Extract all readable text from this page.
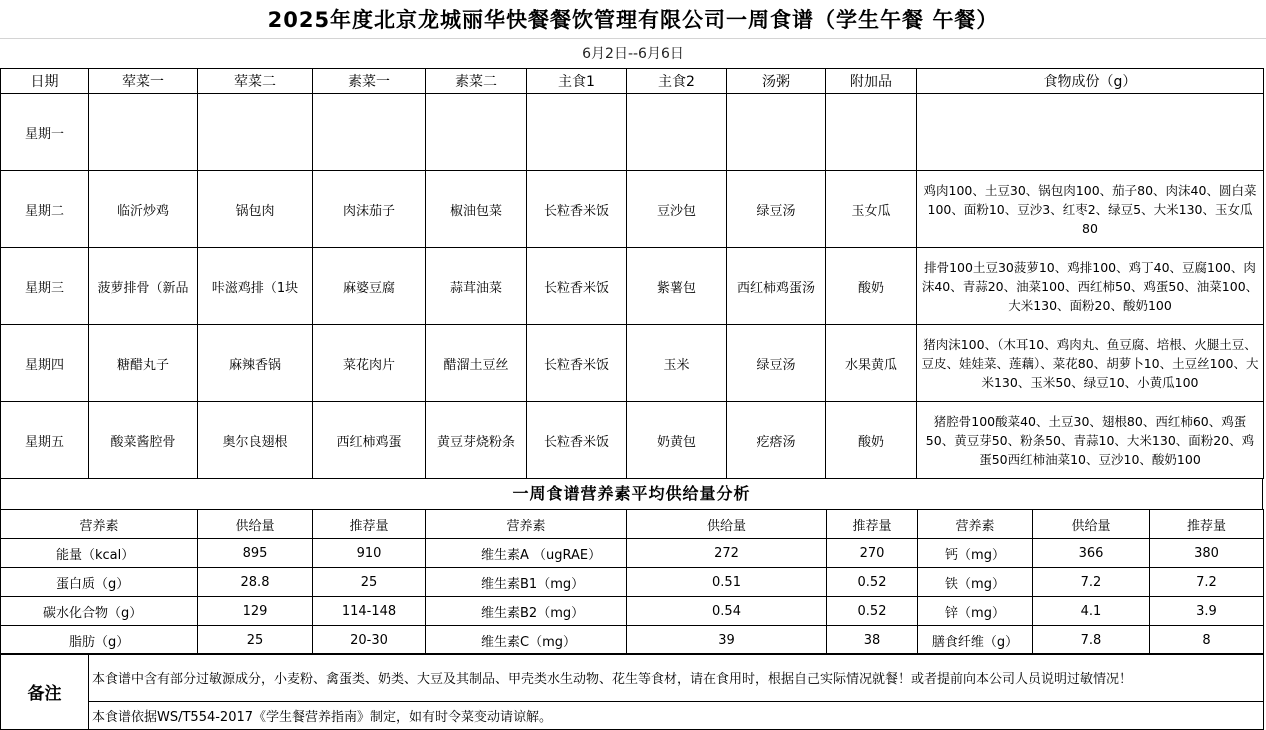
2025年度北京龙城丽华快餐餐饮管理有限公司一周食谱（学生午餐 午餐）
6月2日--6月6日
日期	荤菜一	荤菜二	素菜一	素菜二	主食1	主食2	汤粥	附加品	食物成份（g）
星期一									
星期二	临沂炒鸡	锅包肉	肉沫茄子	椒油包菜	长粒香米饭	豆沙包	绿豆汤	玉女瓜	鸡肉100、土豆30、锅包肉100、茄子80、肉沫40、圆白菜100、面粉10、豆沙3、红枣2、绿豆5、大米130、玉女瓜80
星期三	菠萝排骨（新品	咔滋鸡排（1块	麻婆豆腐	蒜茸油菜	长粒香米饭	紫薯包	西红柿鸡蛋汤	酸奶	排骨100土豆30菠萝10、鸡排100、鸡丁40、豆腐100、肉沫40、青蒜20、油菜100、西红柿50、鸡蛋50、油菜100、大米130、面粉20、酸奶100
星期四	糖醋丸子	麻辣香锅	菜花肉片	醋溜土豆丝	长粒香米饭	玉米	绿豆汤	水果黄瓜	猪肉沫100、（木耳10、鸡肉丸、鱼豆腐、培根、火腿土豆、豆皮、娃娃菜、莲藕）、菜花80、胡萝卜10、土豆丝100、大米130、玉米50、绿豆10、小黄瓜100
星期五	酸菜酱腔骨	奥尔良翅根	西红柿鸡蛋	黄豆芽烧粉条	长粒香米饭	奶黄包	疙瘩汤	酸奶	猪腔骨100酸菜40、土豆30、翅根80、西红柿60、鸡蛋50、黄豆芽50、粉条50、青蒜10、大米130、面粉20、鸡蛋50西红柿油菜10、豆沙10、酸奶100
一周食谱营养素平均供给量分析
营养素	供给量	推荐量	营养素	供给量	推荐量	营养素	供给量	推荐量
能量（kcal）	895	910	维生素A （ugRAE）	272	270	钙（mg）	366	380
蛋白质（g）	28.8	25	维生素B1（mg）	0.51	0.52	铁（mg）	7.2	7.2
碳水化合物（g）	129	114-148	维生素B2（mg）	0.54	0.52	锌（mg）	4.1	3.9
脂肪（g）	25	20-30	维生素C（mg）	39	38	膳食纤维（g）	7.8	8
备注	本食谱中含有部分过敏源成分，小麦粉、禽蛋类、奶类、大豆及其制品、甲壳类水生动物、花生等食材，请在食用时，根据自己实际情况就餐！或者提前向本公司人员说明过敏情况！
本食谱依据WS/T554-2017《学生餐营养指南》制定，如有时令菜变动请谅解。
